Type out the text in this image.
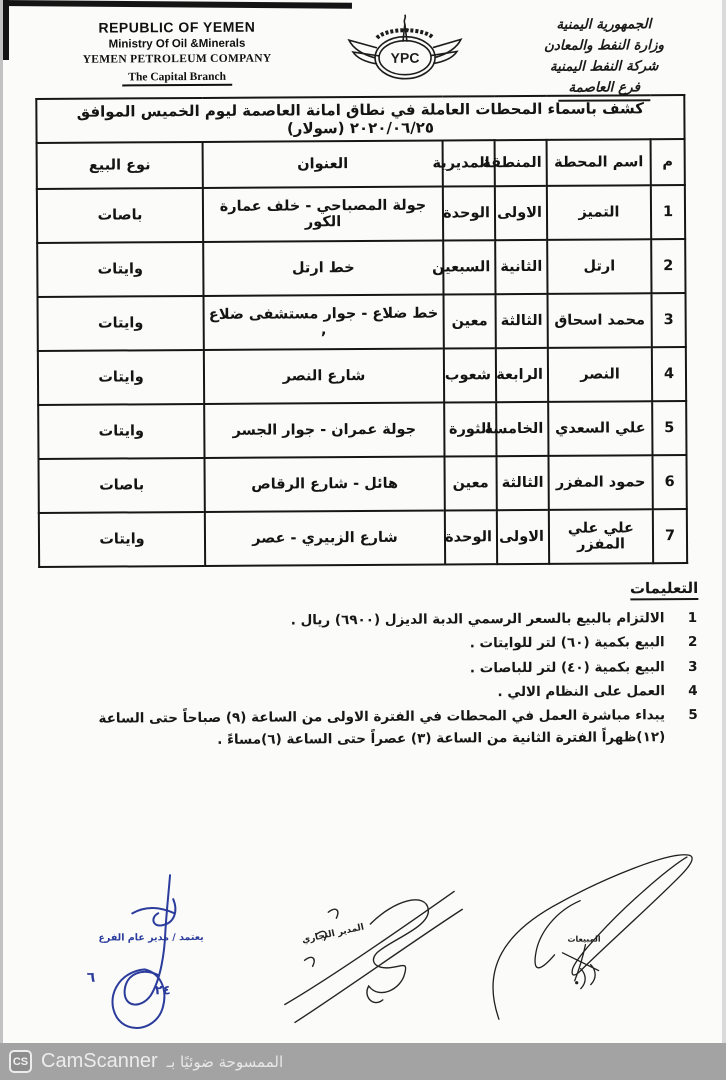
REPUBLIC OF YEMEN
Ministry Of Oil &Minerals
YEMEN PETROLEUM COMPANY
The Capital Branch
YPC
الجمهورية اليمنية
وزارة النفط والمعادن
شركة النفط اليمنية
فرع العاصمة
كشف باسماء المحطات العاملة في نطاق امانة العاصمة ليوم الخميس الموافق ٢٠٢٠/٠٦/٢٥ (سولار)					
م	اسم المحطة	المنطقة	المديرية	العنوان	نوع البيع
1	التميز	الاولى	الوحدة	جولة المصباحي - خلف عمارة الكور	باصات
2	ارتل	الثانية	السبعين	خط ارتل	وايتات
3	محمد اسحاق	الثالثة	معين	خط ضلاع - جوار مستشفى ضلاع ,	وايتات
4	النصر	الرابعة	شعوب	شارع النصر	وايتات
5	علي السعدي	الخامسة	الثورة	جولة عمران - جوار الجسر	وايتات
6	حمود المفزر	الثالثة	معين	هائل - شارع الرقاص	باصات
7	علي علي المفزر	الاولى	الوحدة	شارع الزبيري - عصر	وايتات
التعليمات
1
الالتزام بالبيع بالسعر الرسمي الدبة الديزل (٦٩٠٠) ريال .
2
البيع بكمية (٦٠) لتر للوايتات .
3
البيع بكمية (٤٠) لتر للباصات .
4
العمل على النظام الالي .
5
يبداء مباشرة العمل في المحطات في الفترة الاولى من الساعة (٩) صباحاً حتى الساعة (١٢)ظهراً الفترة الثانية من الساعة (٣) عصراً حتى الساعة (٦)مساءً .
المبيعات
المدير التجاري
يعتمد / مدير عام الفرع
٦
٢٤
CS CamScanner الممسوحة ضوئيًا بـ
